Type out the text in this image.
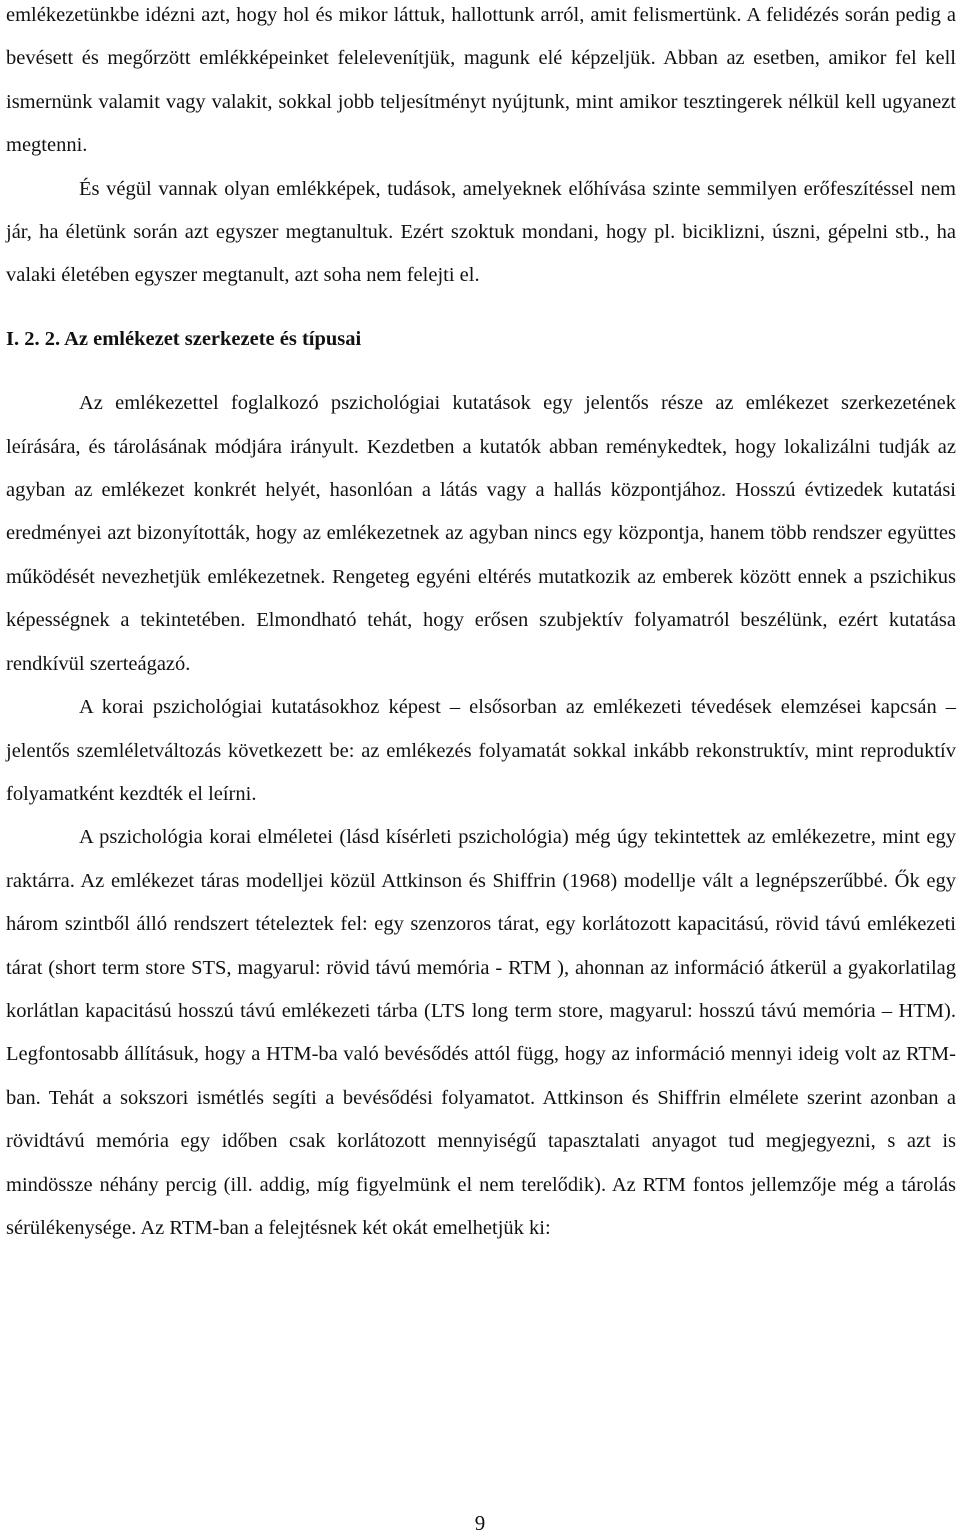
emlékezetünkbe idézni azt, hogy hol és mikor láttuk, hallottunk arról, amit felismertünk. A felidézés során pedig a bevésett és megőrzött emlékképeinket felelevenítjük, magunk elé képzeljük. Abban az esetben, amikor fel kell ismernünk valamit vagy valakit, sokkal jobb teljesítményt nyújtunk, mint amikor tesztingerek nélkül kell ugyanezt megtenni.

És végül vannak olyan emlékképek, tudások, amelyeknek előhívása szinte semmilyen erőfeszítéssel nem jár, ha életünk során azt egyszer megtanultuk. Ezért szoktuk mondani, hogy pl. biciklizni, úszni, gépelni stb., ha valaki életében egyszer megtanult, azt soha nem felejti el.

I. 2. 2. Az emlékezet szerkezete és típusai

Az emlékezettel foglalkozó pszichológiai kutatások egy jelentős része az emlékezet szerkezetének leírására, és tárolásának módjára irányult. Kezdetben a kutatók abban reménykedtek, hogy lokalizálni tudják az agyban az emlékezet konkrét helyét, hasonlóan a látás vagy a hallás központjához. Hosszú évtizedek kutatási eredményei azt bizonyították, hogy az emlékezetnek az agyban nincs egy központja, hanem több rendszer együttes működését nevezhetjük emlékezetnek. Rengeteg egyéni eltérés mutatkozik az emberek között ennek a pszichikus képességnek a tekintetében. Elmondható tehát, hogy erősen szubjektív folyamatról beszélünk, ezért kutatása rendkívül szerteágazó.

A korai pszichológiai kutatásokhoz képest – elsősorban az emlékezeti tévedések elemzései kapcsán – jelentős szemléletváltozás következett be: az emlékezés folyamatát sokkal inkább rekonstruktív, mint reproduktív folyamatként kezdték el leírni.

A pszichológia korai elméletei (lásd kísérleti pszichológia) még úgy tekintettek az emlékezetre, mint egy raktárra. Az emlékezet táras modelljei közül Attkinson és Shiffrin (1968) modellje vált a legnépszerűbbé. Ők egy három szintből álló rendszert tételeztek fel: egy szenzoros tárat, egy korlátozott kapacitású, rövid távú emlékezeti tárat (short term store STS, magyarul: rövid távú memória - RTM ), ahonnan az információ átkerül a gyakorlatilag korlátlan kapacitású hosszú távú emlékezeti tárba (LTS long term store, magyarul: hosszú távú memória – HTM). Legfontosabb állításuk, hogy a HTM-ba való bevésődés attól függ, hogy az információ mennyi ideig volt az RTM-ban. Tehát a sokszori ismétlés segíti a bevésődési folyamatot. Attkinson és Shiffrin elmélete szerint azonban a rövidtávú memória egy időben csak korlátozott mennyiségű tapasztalati anyagot tud megjegyezni, s azt is mindössze néhány percig (ill. addig, míg figyelmünk el nem terelődik). Az RTM fontos jellemzője még a tárolás sérülékenysége. Az RTM-ban a felejtésnek két okát emelhetjük ki:

9
